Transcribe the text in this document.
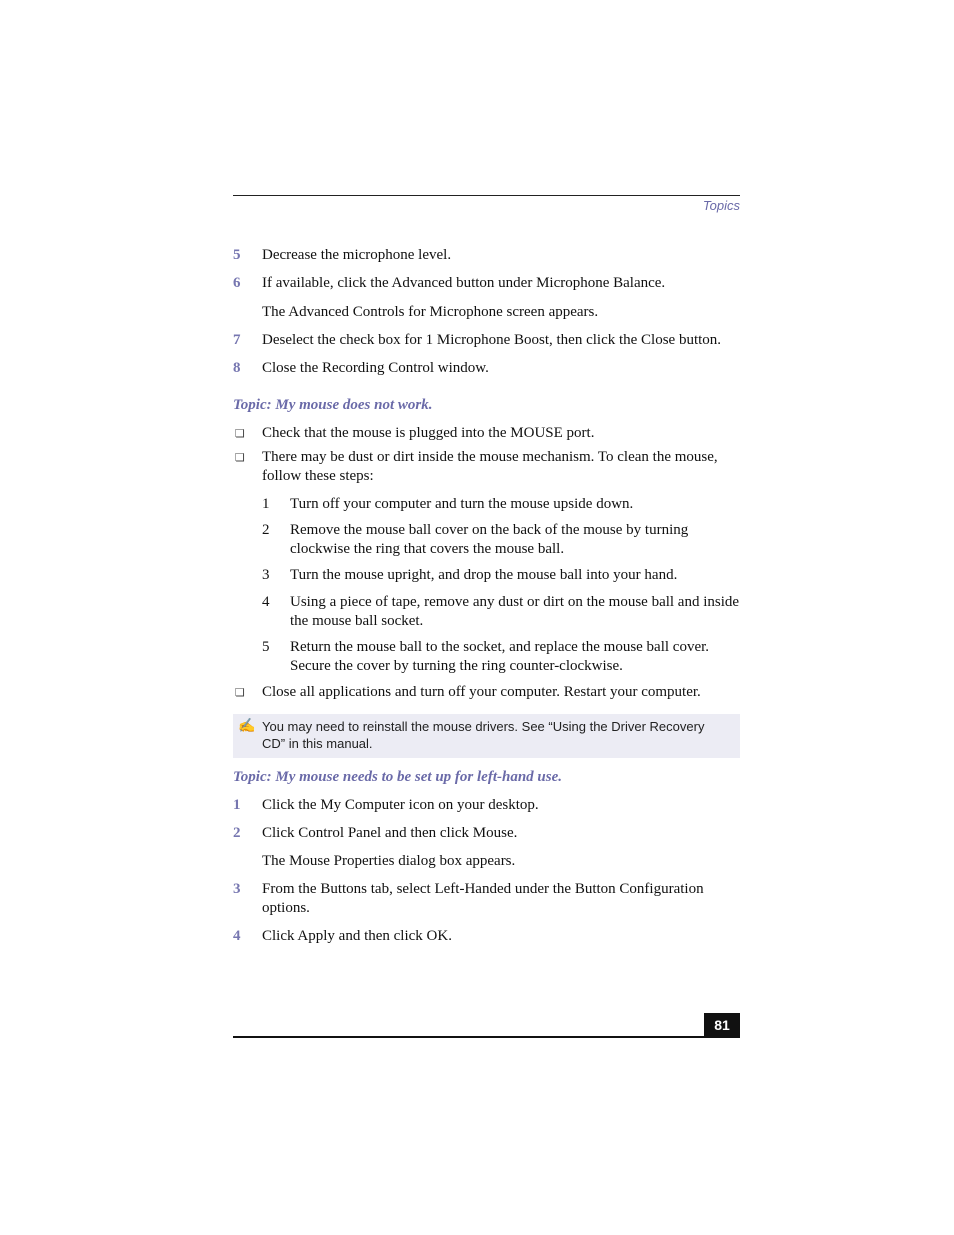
Topics
5 Decrease the microphone level.
6 If available, click the Advanced button under Microphone Balance.
The Advanced Controls for Microphone screen appears.
7 Deselect the check box for 1 Microphone Boost, then click the Close button.
8 Close the Recording Control window.
Topic: My mouse does not work.
❏ Check that the mouse is plugged into the MOUSE port.
❏ There may be dust or dirt inside the mouse mechanism. To clean the mouse, follow these steps:
1 Turn off your computer and turn the mouse upside down.
2 Remove the mouse ball cover on the back of the mouse by turning clockwise the ring that covers the mouse ball.
3 Turn the mouse upright, and drop the mouse ball into your hand.
4 Using a piece of tape, remove any dust or dirt on the mouse ball and inside the mouse ball socket.
5 Return the mouse ball to the socket, and replace the mouse ball cover. Secure the cover by turning the ring counter-clockwise.
❏ Close all applications and turn off your computer. Restart your computer.
✍ You may need to reinstall the mouse drivers. See “Using the Driver Recovery CD” in this manual.
Topic: My mouse needs to be set up for left-hand use.
1 Click the My Computer icon on your desktop.
2 Click Control Panel and then click Mouse.
The Mouse Properties dialog box appears.
3 From the Buttons tab, select Left-Handed under the Button Configuration options.
4 Click Apply and then click OK.
81
